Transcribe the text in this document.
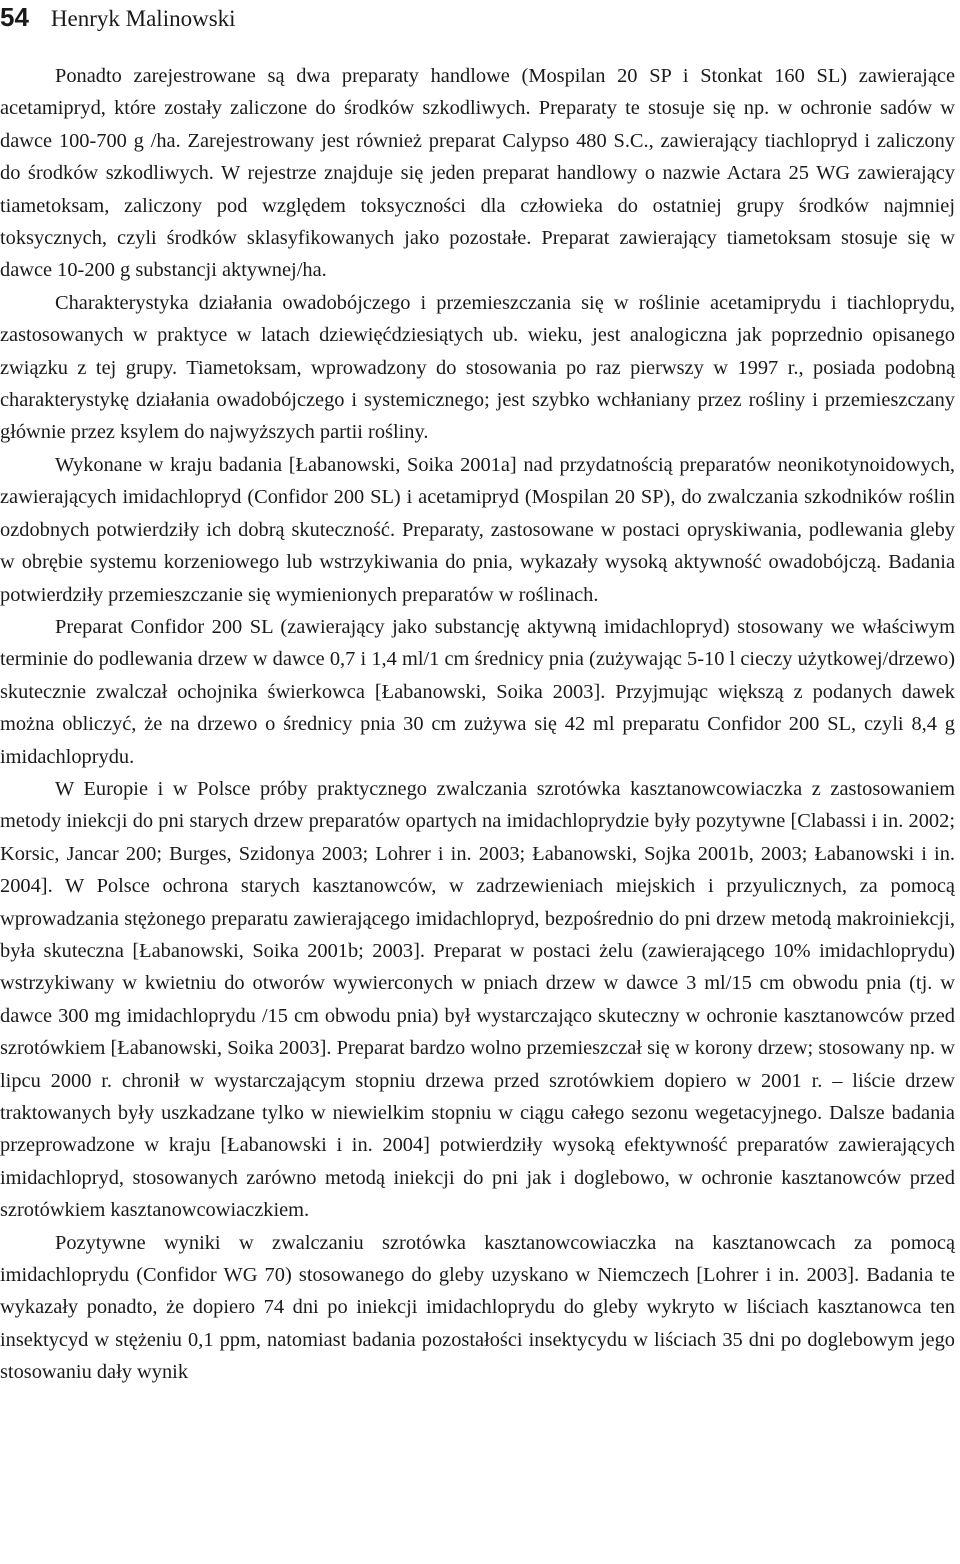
54 Henryk Malinowski

Ponadto zarejestrowane są dwa preparaty handlowe (Mospilan 20 SP i Stonkat 160 SL) zawierające acetamipryd, które zostały zaliczone do środków szkodliwych. Preparaty te stosuje się np. w ochronie sadów w dawce 100-700 g /ha. Zarejestrowany jest również preparat Calypso 480 S.C., zawierający tiachlopryd i zaliczony do środków szkodliwych. W rejestrze znajduje się jeden preparat handlowy o nazwie Actara 25 WG zawierający tiametoksam, zaliczony pod względem toksyczności dla człowieka do ostatniej grupy środków najmniej toksycznych, czyli środków sklasyfikowanych jako pozostałe. Preparat zawierający tiametoksam stosuje się w dawce 10-200 g substancji aktywnej/ha.

Charakterystyka działania owadobójczego i przemieszczania się w roślinie acetamiprydu i tiachloprydu, zastosowanych w praktyce w latach dziewięćdziesiątych ub. wieku, jest analogiczna jak poprzednio opisanego związku z tej grupy. Tiametoksam, wprowadzony do stosowania po raz pierwszy w 1997 r., posiada podobną charakterystykę działania owadobójczego i systemicznego; jest szybko wchłaniany przez rośliny i przemieszczany głównie przez ksylem do najwyższych partii rośliny.

Wykonane w kraju badania [Łabanowski, Soika 2001a] nad przydatnością preparatów neonikotynoidowych, zawierających imidachlopryd (Confidor 200 SL) i acetamipryd (Mospilan 20 SP), do zwalczania szkodników roślin ozdobnych potwierdziły ich dobrą skuteczność. Preparaty, zastosowane w postaci opryskiwania, podlewania gleby w obrębie systemu korzeniowego lub wstrzykiwania do pnia, wykazały wysoką aktywność owadobójczą. Badania potwierdziły przemieszczanie się wymienionych preparatów w roślinach.

Preparat Confidor 200 SL (zawierający jako substancję aktywną imidachlopryd) stosowany we właściwym terminie do podlewania drzew w dawce 0,7 i 1,4 ml/1 cm średnicy pnia (zużywając 5-10 l cieczy użytkowej/drzewo) skutecznie zwalczał ochojnika świerkowca [Łabanowski, Soika 2003]. Przyjmując większą z podanych dawek można obliczyć, że na drzewo o średnicy pnia 30 cm zużywa się 42 ml preparatu Confidor 200 SL, czyli 8,4 g imidachloprydu.

W Europie i w Polsce próby praktycznego zwalczania szrotówka kasztanowcowiaczka z zastosowaniem metody iniekcji do pni starych drzew preparatów opartych na imidachloprydzie były pozytywne [Clabassi i in. 2002; Korsic, Jancar 200; Burges, Szidonya 2003; Lohrer i in. 2003; Łabanowski, Sojka 2001b, 2003; Łabanowski i in. 2004]. W Polsce ochrona starych kasztanowców, w zadrzewieniach miejskich i przyulicznych, za pomocą wprowadzania stężonego preparatu zawierającego imidachlopryd, bezpośrednio do pni drzew metodą makroiniekcji, była skuteczna [Łabanowski, Soika 2001b; 2003]. Preparat w postaci żelu (zawierającego 10% imidachloprydu) wstrzykiwany w kwietniu do otworów wywierconych w pniach drzew w dawce 3 ml/15 cm obwodu pnia (tj. w dawce 300 mg imidachloprydu /15 cm obwodu pnia) był wystarczająco skuteczny w ochronie kasztanowców przed szrotówkiem [Łabanowski, Soika 2003]. Preparat bardzo wolno przemieszczał się w korony drzew; stosowany np. w lipcu 2000 r. chronił w wystarczającym stopniu drzewa przed szrotówkiem dopiero w 2001 r. – liście drzew traktowanych były uszkadzane tylko w niewielkim stopniu w ciągu całego sezonu wegetacyjnego. Dalsze badania przeprowadzone w kraju [Łabanowski i in. 2004] potwierdziły wysoką efektywność preparatów zawierających imidachlopryd, stosowanych zarówno metodą iniekcji do pni jak i doglebowo, w ochronie kasztanowców przed szrotówkiem kasztanowcowiaczkiem.

Pozytywne wyniki w zwalczaniu szrotówka kasztanowcowiaczka na kasztanowcach za pomocą imidachloprydu (Confidor WG 70) stosowanego do gleby uzyskano w Niemczech [Lohrer i in. 2003]. Badania te wykazały ponadto, że dopiero 74 dni po iniekcji imidachloprydu do gleby wykryto w liściach kasztanowca ten insektycyd w stężeniu 0,1 ppm, natomiast badania pozostałości insektycydu w liściach 35 dni po doglebowym jego stosowaniu dały wynik
